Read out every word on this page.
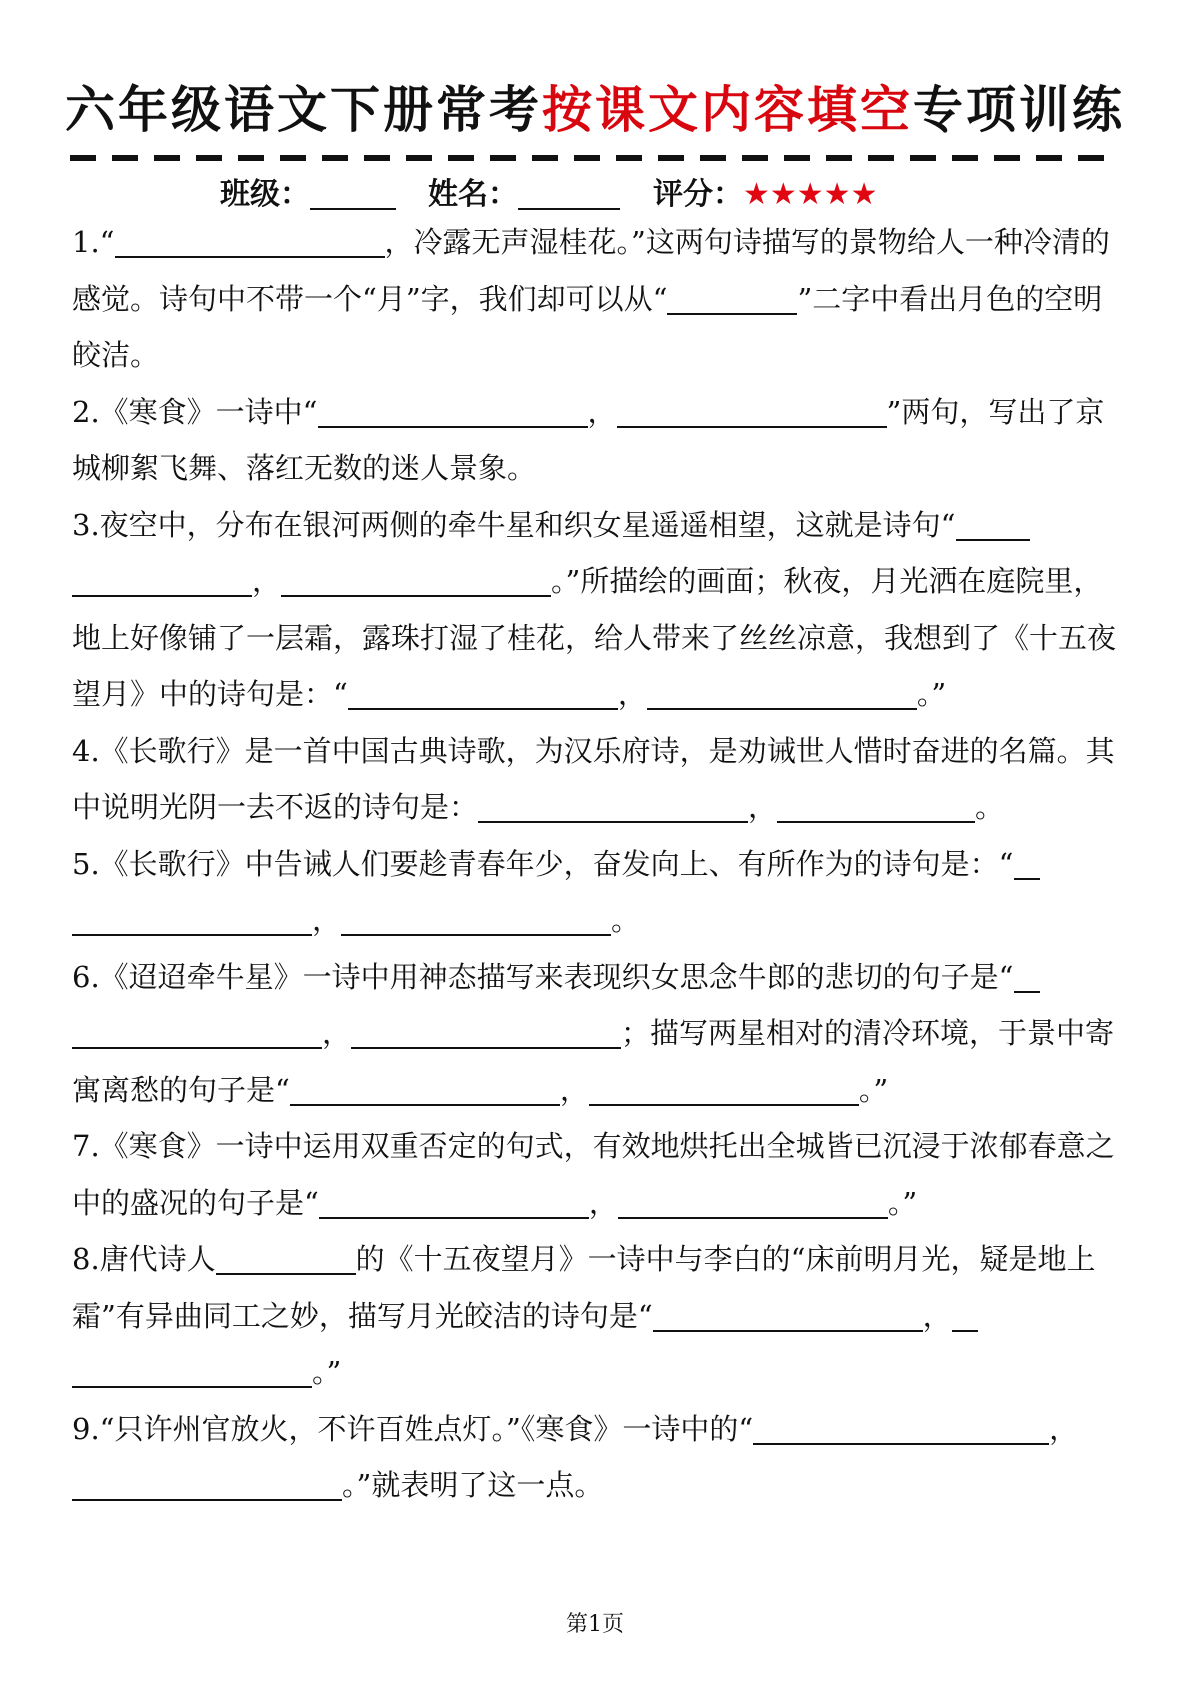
六年级语文下册常考按课文内容填空专项训练
班级：	姓名：	评分： ★★★★★

1.“	，冷露无声湿桂花。”这两句诗描写的景物给人一种冷清的感觉。诗句中不带一个“月”字，我们却可以从“	”二字中看出月色的空明皎洁。

2.《寒食》一诗中“	，	”两句，写出了京城柳絮飞舞、落红无数的迷人景象。

3.夜空中，分布在银河两侧的牵牛星和织女星遥遥相望，这就是诗句“，	。”所描绘的画面；秋夜，月光洒在庭院里，地上好像铺了一层霜，露珠打湿了桂花，给人带来了丝丝凉意，我想到了《十五夜望月》中的诗句是：“	，	。”

4.《长歌行》是一首中国古典诗歌，为汉乐府诗，是劝诫世人惜时奋进的名篇。其中说明光阴一去不返的诗句是：	，	。

5.《长歌行》中告诫人们要趁青春年少，奋发向上、有所作为的诗句是：“，	。

6.《迢迢牵牛星》一诗中用神态描写来表现织女思念牛郎的悲切的句子是“，	；描写两星相对的清冷环境，于景中寄寓离愁的句子是“	，	。”

7.《寒食》一诗中运用双重否定的句式，有效地烘托出全城皆已沉浸于浓郁春意之中的盛况的句子是“	，	。”

8.唐代诗人	的《十五夜望月》一诗中与李白的“床前明月光，疑是地上霜”有异曲同工之妙，描写月光皎洁的诗句是“	，。”

9.“只许州官放火，不许百姓点灯。”《寒食》一诗中的“	，。”就表明了这一点。

第1页
